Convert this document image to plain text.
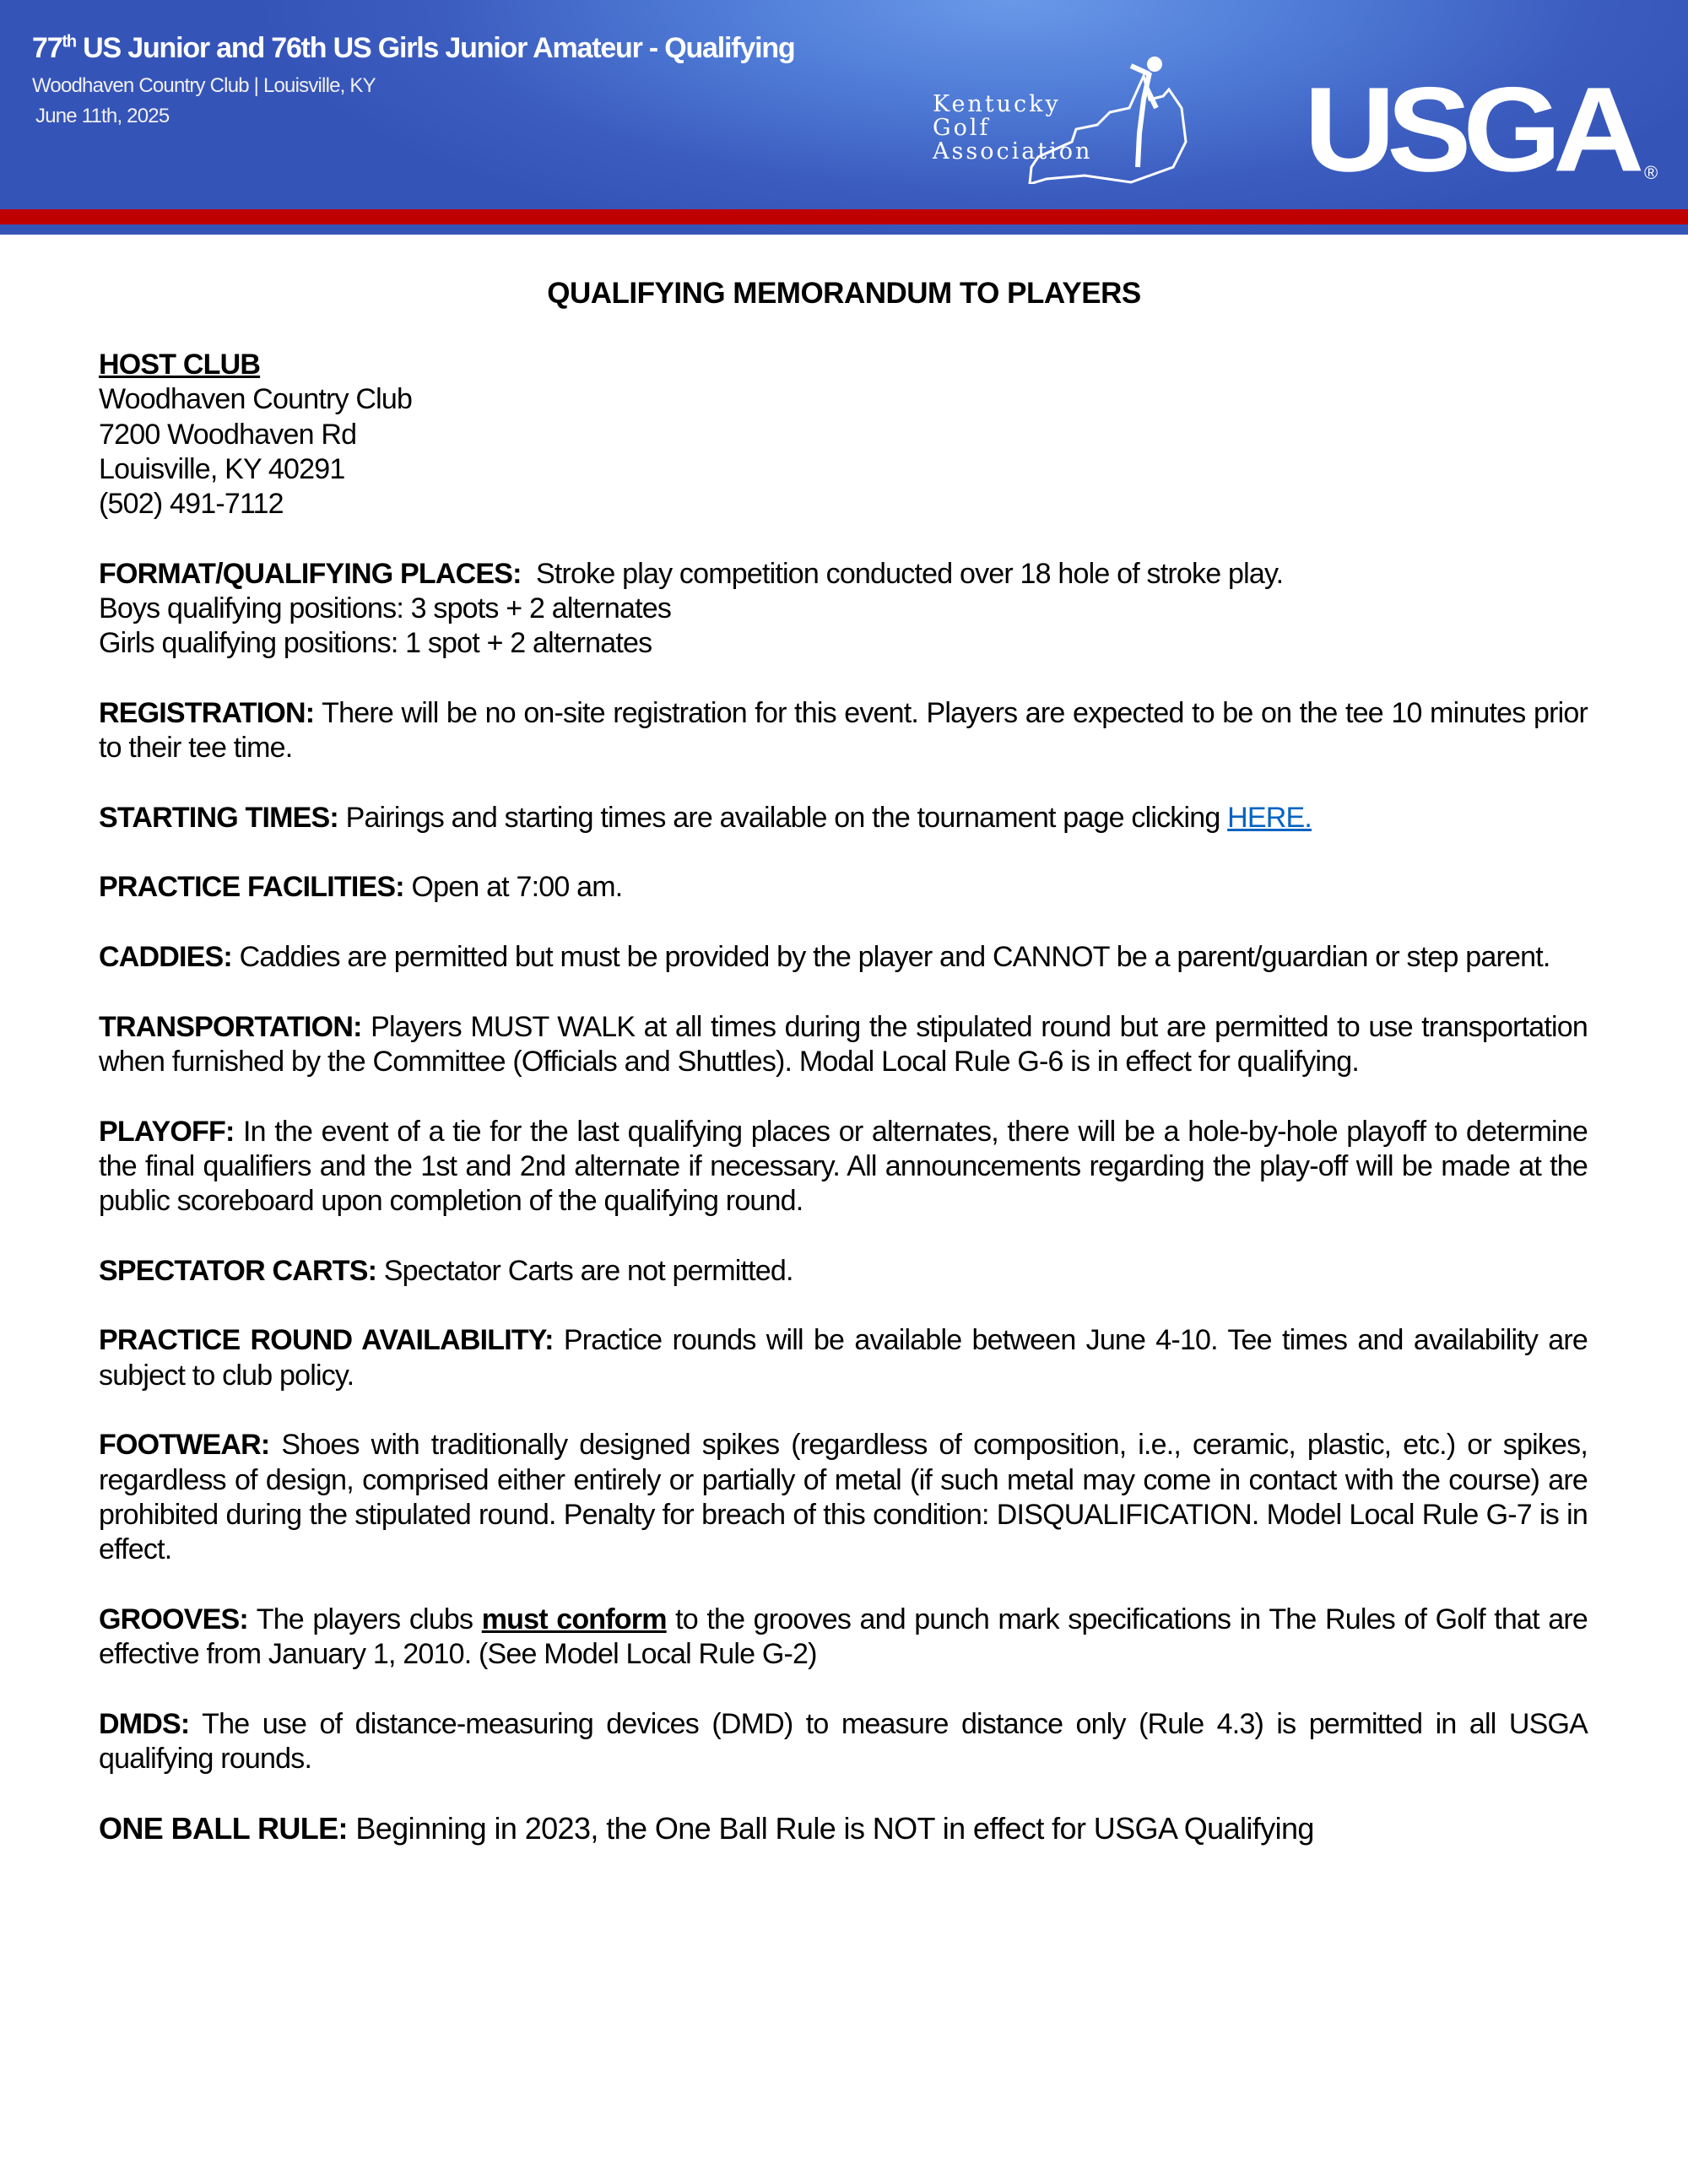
77th US Junior and 76th US Girls Junior Amateur - Qualifying
Woodhaven Country Club | Louisville, KY
June 11th, 2025	Kentucky
Golf
Association USGA ®
QUALIFYING MEMORANDUM TO PLAYERS
HOST CLUB
Woodhaven Country Club
7200 Woodhaven Rd
Louisville, KY 40291
(502) 491-7112
FORMAT/QUALIFYING PLACES:  Stroke play competition conducted over 18 hole of stroke play.
Boys qualifying positions: 3 spots + 2 alternates
Girls qualifying positions: 1 spot + 2 alternates
REGISTRATION: There will be no on-site registration for this event. Players are expected to be on the tee 10 minutes prior to their tee time.
STARTING TIMES: Pairings and starting times are available on the tournament page clicking HERE.
PRACTICE FACILITIES: Open at 7:00 am.
CADDIES: Caddies are permitted but must be provided by the player and CANNOT be a parent/guardian or step parent.
TRANSPORTATION: Players MUST WALK at all times during the stipulated round but are permitted to use transportation when furnished by the Committee (Officials and Shuttles). Modal Local Rule G-6 is in effect for qualifying.
PLAYOFF: In the event of a tie for the last qualifying places or alternates, there will be a hole-by-hole playoff to determine the final qualifiers and the 1st and 2nd alternate if necessary. All announcements regarding the play-off will be made at the public scoreboard upon completion of the qualifying round.
SPECTATOR CARTS: Spectator Carts are not permitted.
PRACTICE ROUND AVAILABILITY: Practice rounds will be available between June 4-10. Tee times and availability are subject to club policy.
FOOTWEAR: Shoes with traditionally designed spikes (regardless of composition, i.e., ceramic, plastic, etc.) or spikes, regardless of design, comprised either entirely or partially of metal (if such metal may come in contact with the course) are prohibited during the stipulated round. Penalty for breach of this condition: DISQUALIFICATION. Model Local Rule G-7 is in effect.
GROOVES: The players clubs must conform to the grooves and punch mark specifications in The Rules of Golf that are effective from January 1, 2010. (See Model Local Rule G-2)
DMDS: The use of distance-measuring devices (DMD) to measure distance only (Rule 4.3) is permitted in all USGA qualifying rounds.
ONE BALL RULE: Beginning in 2023, the One Ball Rule is NOT in effect for USGA Qualifying
